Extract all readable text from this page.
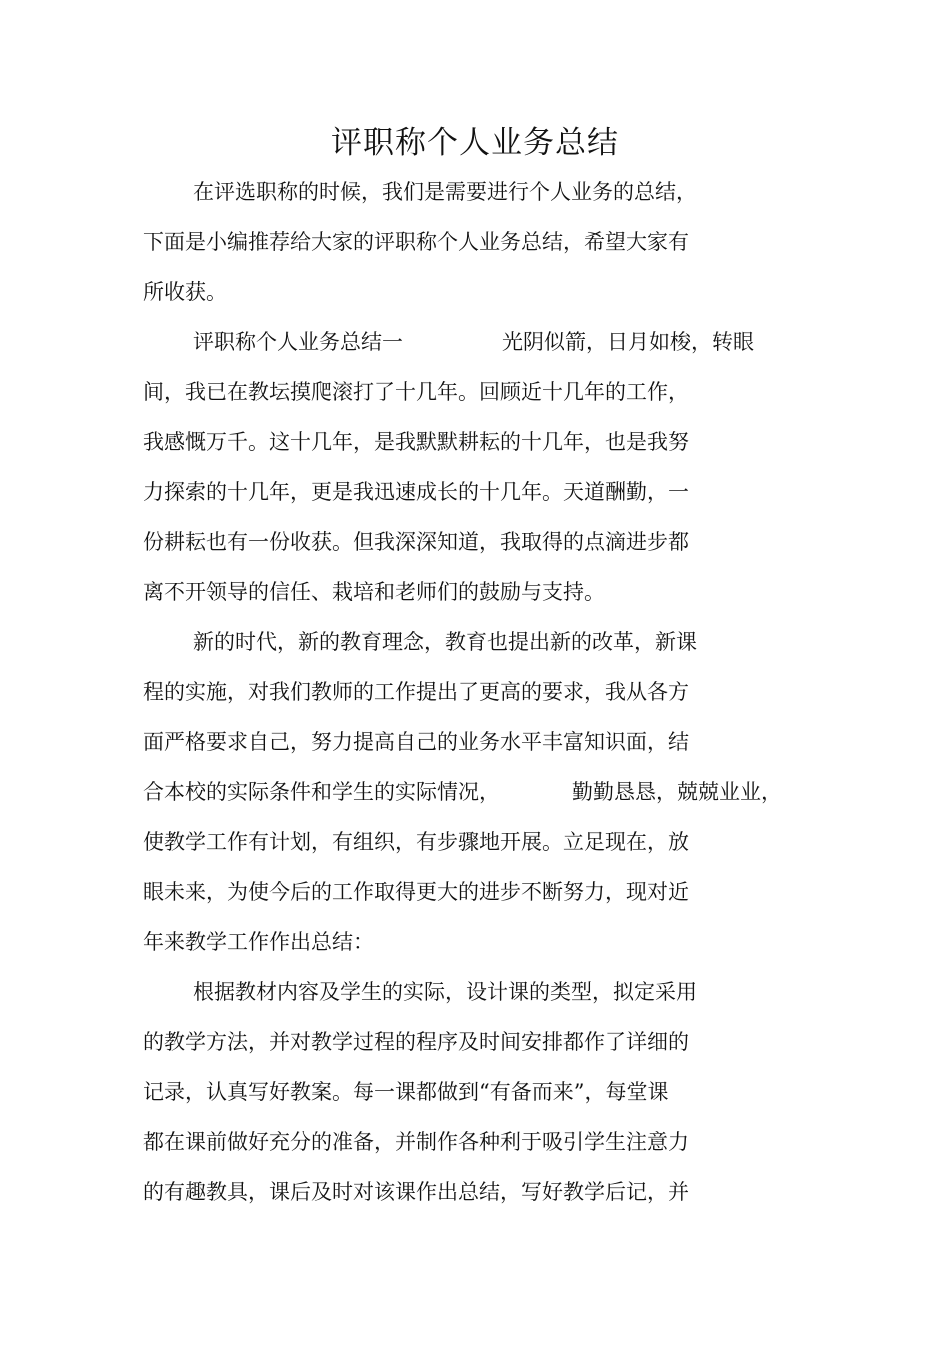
评职称个人业务总结
在评选职称的时候，我们是需要进行个人业务的总结，
下面是小编推荐给大家的评职称个人业务总结，希望大家有
所收获。
评职称个人业务总结一	光阴似箭，日月如梭，转眼
间，我已在教坛摸爬滚打了十几年。回顾近十几年的工作，
我感慨万千。这十几年，是我默默耕耘的十几年，也是我努
力探索的十几年，更是我迅速成长的十几年。天道酬勤，一
份耕耘也有一份收获。但我深深知道，我取得的点滴进步都
离不开领导的信任、栽培和老师们的鼓励与支持。
新的时代，新的教育理念，教育也提出新的改革，新课
程的实施，对我们教师的工作提出了更高的要求，我从各方
面严格要求自己，努力提高自己的业务水平丰富知识面，结
合本校的实际条件和学生的实际情况，	勤勤恳恳，兢兢业业，
使教学工作有计划，有组织，有步骤地开展。立足现在，放
眼未来，为使今后的工作取得更大的进步不断努力，现对近
年来教学工作作出总结：
根据教材内容及学生的实际，设计课的类型，拟定采用
的教学方法，并对教学过程的程序及时间安排都作了详细的
记录，认真写好教案。每一课都做到“有备而来”，每堂课
都在课前做好充分的准备，并制作各种利于吸引学生注意力
的有趣教具，课后及时对该课作出总结，写好教学后记，并
